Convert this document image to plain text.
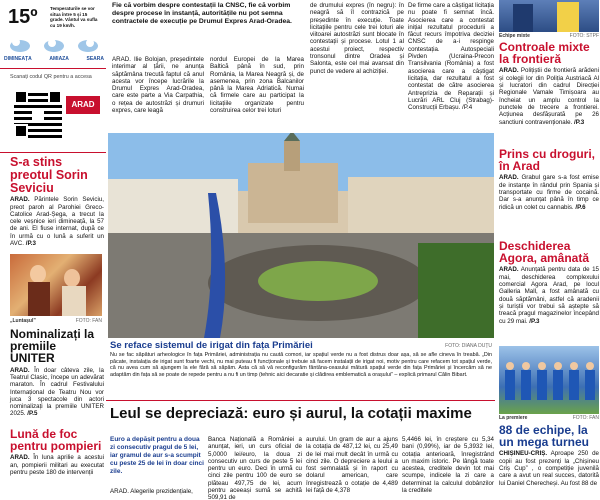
15º	Temperaturile se vor situa între 5 și 15 grade. Vântul va sufla cu 19 km/h.
DIMINEAȚA	AMIAZA	SEARA
Scanați codul QR pentru a accesa
ARAD
S-a stins preotul Sorin Seviciu
ARAD. Părintele Sorin Seviciu, preot paroh al Parohiei Greco-Catolice Arad-Șega, a trecut la cele veșnice ieri dimineață, la 57 de ani. El fiuse internat, după ce în urmă cu o lună a suferit un AVC. /P.3
„Luntașul”	FOTO: FAN
Nominalizați la premiile UNITER
ARAD. În doar câteva zile, la Teatrul Clasic, începe un adevărat maraton. În cadrul Festivalului Internațional de Teatru Nou vor juca 3 spectacole din actori nominalizați la premiile UNITER 2025. /P.5
Lună de foc pentru pompieri
ARAD. În luna aprilie a acestui an, pompierii militari au executat pentru peste 180 de intervenții
Fie că vorbim despre contestații la CNSC, fie că vorbim despre procese în instanță, autoritățile nu pot semna contractele de execuție pe Drumul Expres Arad-Oradea.
ARAD. Ilie Bolojan, președintele interimar al țării, ne anunța săptămâna trecută faptul că anul acesta vor începe lucrările la Drumul Expres Arad-Oradea, care este parte a Via Carpathia, o rețea de autostrăzi și drumuri expres, care leagă
nordul Europei de la Marea Baltică până în sud, prin România, la Marea Neagră și, de asemenea, prin zona Balcanilor până la Marea Adriatică. Numai că firmele care au participat la licitațiile organizate pentru construirea celor trei loturi
de drumului expres (în negru): în neagră să îl contrazică pe președinte în execuție. Toate licitațiile pentru cele trei loturi ale viitoarei autostrăzi sunt blocate în contestații și procese. Lotul 1 al acestui proiect, respectiv tronsonul dintre Oradea și Salonta, este cel mai avansat din punct de vedere al achiziției.
De firme care a câștigat licitația nu poate fi semnat încă. Asocierea care a contestat inițial rezultatul procedurii a făcut recurs împotriva deciziei CNSC de a-i respinge contestația. Autospeciali Pivden (Ucraina-Precon Transilvania (România) a fost asocierea care a câștigat licitația, dar rezultatul a fost contestat de către asocierea Antreprizia de Reparații și Lucrări ARL Cluj (Strabag)-Construcții Erbașu. /P.4
Se reface sistemul de irigat din fața Primăriei	FOTO: DIANA DUȚU
Nu se fac săpături arheologice în fața Primăriei, administrația nu caută comori, iar spațiul verde nu a fost distrus doar așa, să se afle cineva în treabă. „Din păcate, instalația de irigat sunt foarte vechi, nu mai puteau fi funcționale și trebuie să facem instalații de irigat noi, motiv pentru care refacem tot spațiul verde, că nu avea cum să ajungem la ele fără să săpăm. Asta că să vă reconfigurăm fântâna-ceasului mătură spațiul verde din fața Primăriei și încercăm să ne adaptăm din fața să se poate de repede pentru a nu fi un timp (tehnic aici decaratie și clădirea emblematică a orașului” – explică primarul Călin Bibart.
Leul se depreciază: euro și aurul, la cotații maxime
Euro a depășit pentru a doua zi consecutiv pragul de 5 lei, iar gramul de aur s-a scumpit cu peste 25 de lei în doar cinci zile.
ARAD. Alegerile prezidențiale,
Banca Națională a României a anunțat, ieri, un curs oficial de 5,0000 lei/euro, la doua zi consecutiv un curs de peste 5 lei pentru un euro. Deci în urmă cu cinci zile pentru 100 de euro se plăteau 497,75 de lei, acum pentru aceeași sumă se achită 509,91 de
aurului. Un gram de aur a ajuns la cotația de 487,12 lei, cu 25,49 de lei mai mult decât în urmă cu cinci zile. O depreciere a leului a fost semnalată și în raport cu dolarul american, care înregistrează o cotație de 4,489 lei față de 4,378
5,4466 lei, în creștere cu 5,34 bani (0,99%), iar de 5,3932 lei, cotația anterioară, înregistrând un maxim istoric. Pe lângă toate acestea, creditele devin tot mai scumpe, indicele la zi care a determinat la calculul dobânzilor la creditele
Echipe mixte	FOTO: STPF
Controale mixte la frontieră
ARAD. Polițiștii de frontieră arădeni și colegii lor din Poliția Austriacă Al și lucratori din cadrul Direcției Regionale Vamale Timișoara au încheiat un amplu control la punctele de trecere a frontierei. Acțiunea desfășurată pe 26 sanctiuni contravenționale. /P.3
Prins cu droguri, în Arad
ARAD. Grabul gare s-a fost emise de instanțe în rândul prin Spania și transportate cu firme de cocaină. Dar s-a anunțat până în timp ce ridică un colet cu cannabis. /P.6
Deschiderea Agora, amânată
ARAD. Anunțată pentru data de 15 mai, deschiderea complexului comercial Agora Arad, pe locul Galleria Mall, a fost amânată cu două săptămâni, astfel că aradenii și turiștii vor trebui să aștepte să treacă pragul magazinelor începând cu 29 mai. /P.3
La premiere	FOTO: FAN
88 de echipe, la un mega turneu
CHIȘINEU-CRIȘ. Aproape 250 de copii au fost prezenți la „Chișineu Criș Cup” , o competiție juvenilă care a avut un real succes, datorită lui Daniel Cherecheși. Au fost 88 de
